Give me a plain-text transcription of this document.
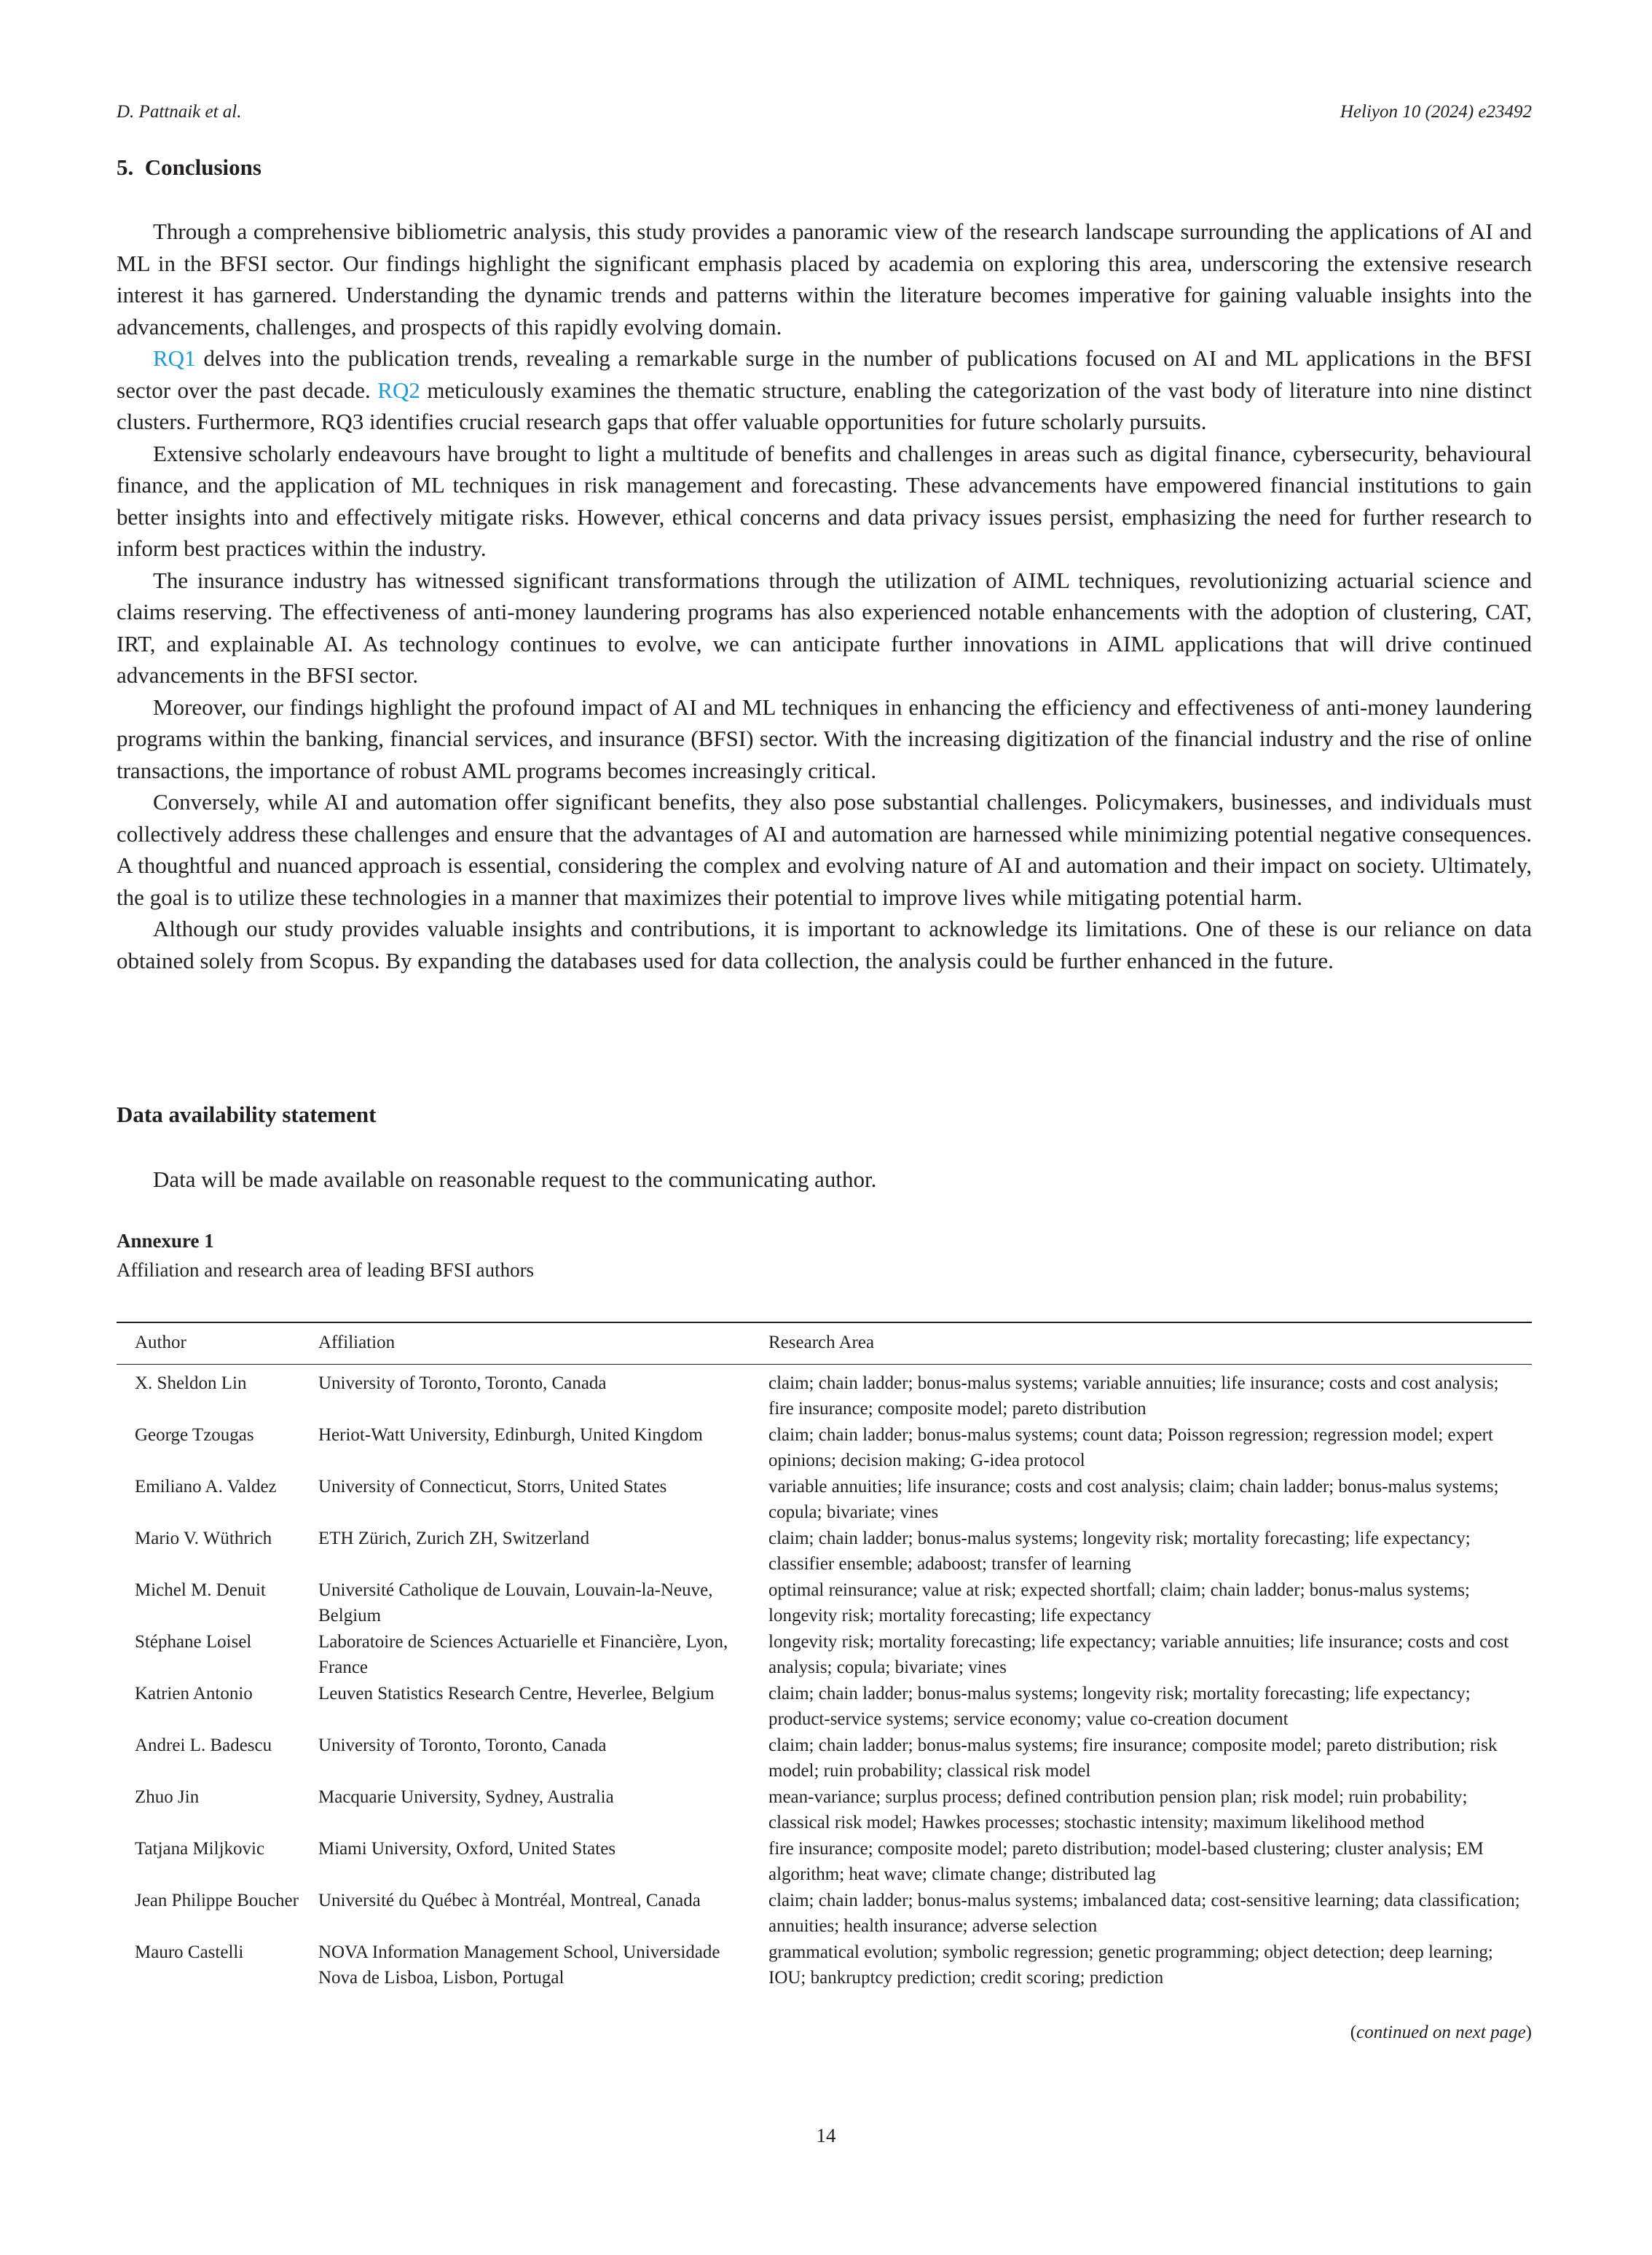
D. Pattnaik et al.	Heliyon 10 (2024) e23492
5. Conclusions

Through a comprehensive bibliometric analysis, this study provides a panoramic view of the research landscape surrounding the applications of AI and ML in the BFSI sector. Our findings highlight the significant emphasis placed by academia on exploring this area, underscoring the extensive research interest it has garnered. Understanding the dynamic trends and patterns within the literature becomes imperative for gaining valuable insights into the advancements, challenges, and prospects of this rapidly evolving domain.

RQ1 delves into the publication trends, revealing a remarkable surge in the number of publications focused on AI and ML applications in the BFSI sector over the past decade. RQ2 meticulously examines the thematic structure, enabling the categorization of the vast body of literature into nine distinct clusters. Furthermore, RQ3 identifies crucial research gaps that offer valuable opportunities for future scholarly pursuits.

Extensive scholarly endeavours have brought to light a multitude of benefits and challenges in areas such as digital finance, cybersecurity, behavioural finance, and the application of ML techniques in risk management and forecasting. These advancements have empowered financial institutions to gain better insights into and effectively mitigate risks. However, ethical concerns and data privacy issues persist, emphasizing the need for further research to inform best practices within the industry.

The insurance industry has witnessed significant transformations through the utilization of AIML techniques, revolutionizing actuarial science and claims reserving. The effectiveness of anti-money laundering programs has also experienced notable enhancements with the adoption of clustering, CAT, IRT, and explainable AI. As technology continues to evolve, we can anticipate further innovations in AIML applications that will drive continued advancements in the BFSI sector.

Moreover, our findings highlight the profound impact of AI and ML techniques in enhancing the efficiency and effectiveness of anti-money laundering programs within the banking, financial services, and insurance (BFSI) sector. With the increasing digitization of the financial industry and the rise of online transactions, the importance of robust AML programs becomes increasingly critical.

Conversely, while AI and automation offer significant benefits, they also pose substantial challenges. Policymakers, businesses, and individuals must collectively address these challenges and ensure that the advantages of AI and automation are harnessed while minimizing potential negative consequences. A thoughtful and nuanced approach is essential, considering the complex and evolving nature of AI and automation and their impact on society. Ultimately, the goal is to utilize these technologies in a manner that maximizes their potential to improve lives while mitigating potential harm.

Although our study provides valuable insights and contributions, it is important to acknowledge its limitations. One of these is our reliance on data obtained solely from Scopus. By expanding the databases used for data collection, the analysis could be further enhanced in the future.

Data availability statement
Data will be made available on reasonable request to the communicating author.
Annexure 1
Affiliation and research area of leading BFSI authors
Author	Affiliation	Research Area

X. Sheldon Lin	University of Toronto, Toronto, Canada	claim; chain ladder; bonus-malus systems; variable annuities; life insurance; costs and cost analysis; fire insurance; composite model; pareto distribution

George Tzougas	Heriot-Watt University, Edinburgh, United Kingdom	claim; chain ladder; bonus-malus systems; count data; Poisson regression; regression model; expert opinions; decision making; G-idea protocol

Emiliano A. Valdez	University of Connecticut, Storrs, United States	variable annuities; life insurance; costs and cost analysis; claim; chain ladder; bonus-malus systems; copula; bivariate; vines

Mario V. Wüthrich	ETH Zürich, Zurich ZH, Switzerland	claim; chain ladder; bonus-malus systems; longevity risk; mortality forecasting; life expectancy; classifier ensemble; adaboost; transfer of learning

Michel M. Denuit	Université Catholique de Louvain, Louvain-la-Neuve, Belgium	optimal reinsurance; value at risk; expected shortfall; claim; chain ladder; bonus-malus systems; longevity risk; mortality forecasting; life expectancy

Stéphane Loisel	Laboratoire de Sciences Actuarielle et Financière, Lyon, France	longevity risk; mortality forecasting; life expectancy; variable annuities; life insurance; costs and cost analysis; copula; bivariate; vines

Katrien Antonio	Leuven Statistics Research Centre, Heverlee, Belgium	claim; chain ladder; bonus-malus systems; longevity risk; mortality forecasting; life expectancy; product-service systems; service economy; value co-creation document

Andrei L. Badescu	University of Toronto, Toronto, Canada	claim; chain ladder; bonus-malus systems; fire insurance; composite model; pareto distribution; risk model; ruin probability; classical risk model

Zhuo Jin	Macquarie University, Sydney, Australia	mean-variance; surplus process; defined contribution pension plan; risk model; ruin probability; classical risk model; Hawkes processes; stochastic intensity; maximum likelihood method

Tatjana Miljkovic	Miami University, Oxford, United States	fire insurance; composite model; pareto distribution; model-based clustering; cluster analysis; EM algorithm; heat wave; climate change; distributed lag

Jean Philippe Boucher	Université du Québec à Montréal, Montreal, Canada	claim; chain ladder; bonus-malus systems; imbalanced data; cost-sensitive learning; data classification; annuities; health insurance; adverse selection

Mauro Castelli	NOVA Information Management School, Universidade Nova de Lisboa, Lisbon, Portugal	grammatical evolution; symbolic regression; genetic programming; object detection; deep learning; IOU; bankruptcy prediction; credit scoring; prediction
(continued on next page)
14
